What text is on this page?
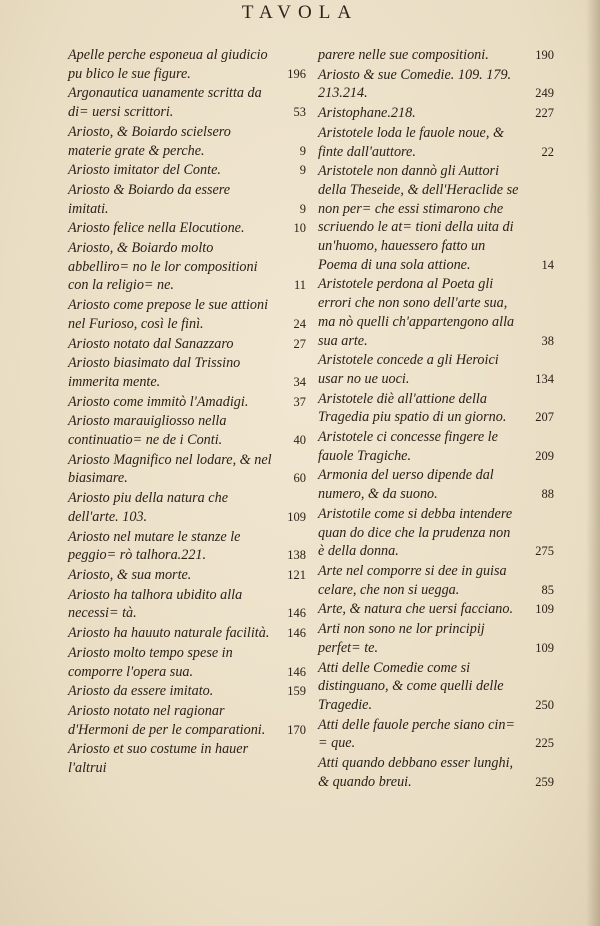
TAVOLA
Apelle perche esponeua al giudicio pu blico le sue figure.	196
Argonautica uanamente scritta da di= uersi scrittori.	53
Ariosto, & Boiardo scielsero materie grate & perche.	9
Ariosto imitator del Conte.	9
Ariosto & Boiardo da essere imitati.	9
Ariosto felice nella Elocutione.	10
Ariosto, & Boiardo molto abbelliro= no le lor compositioni con la religio= ne.	11
Ariosto come prepose le sue attioni nel Furioso, così le finì.	24
Ariosto notato dal Sanazzaro	27
Ariosto biasimato dal Trissino immerita mente.	34
Ariosto come immitò l'Amadigi.	37
Ariosto marauigliosso nella continuatio= ne de i Conti.	40
Ariosto Magnifico nel lodare, & nel biasimare.	60
Ariosto piu della natura che dell'arte. 103.	109
Ariosto nel mutare le stanze le peggio= rò talhora.221.	138
Ariosto, & sua morte.	121
Ariosto ha talhora ubidito alla necessi= tà.	146
Ariosto ha hauuto naturale facilità. 146
Ariosto molto tempo spese in comporre l'opera sua.	146
Ariosto da essere imitato.	159
Ariosto notato nel ragionar d'Hermoni de per le comparationi. 170
Ariosto et suo costume in hauer l'altrui
parere nelle sue compositioni.	190
Ariosto & sue Comedie. 109. 179. 213.214.	249
Aristophane.218.	227
Aristotele loda le fauole noue, & finte dall'auttore.	22
Aristotele non dannò gli Auttori della Theseide, & dell'Heraclide se non per= che essi stimarono che scriuendo le at= tioni della uita di un'huomo, hauessero fatto un Poema di una sola attione.	14
Aristotele perdona al Poeta gli errori che non sono dell'arte sua, ma nò quelli ch'appartengono alla sua arte.	38
Aristotele concede a gli Heroici usar no ue uoci.	134
Aristotele diè all'attione della Tragedia piu spatio di un giorno. 207
Aristotele ci concesse fingere le fauole Tragiche.	209
Armonia del uerso dipende dal numero, & da suono.	88
Aristotile come si debba intendere quan do dice che la prudenza non è della donna.	275
Arte nel comporre si dee in guisa celare, che non si uegga.	85
Arte, & natura che uersi facciano. 109
Arti non sono ne lor principij perfet= te.	109
Atti delle Comedie come si distinguano, & come quelli delle Tragedie.	250
Atti delle fauole perche siano cin= = que.	225
Atti quando debbano esser lunghi, & quando breui.	259
